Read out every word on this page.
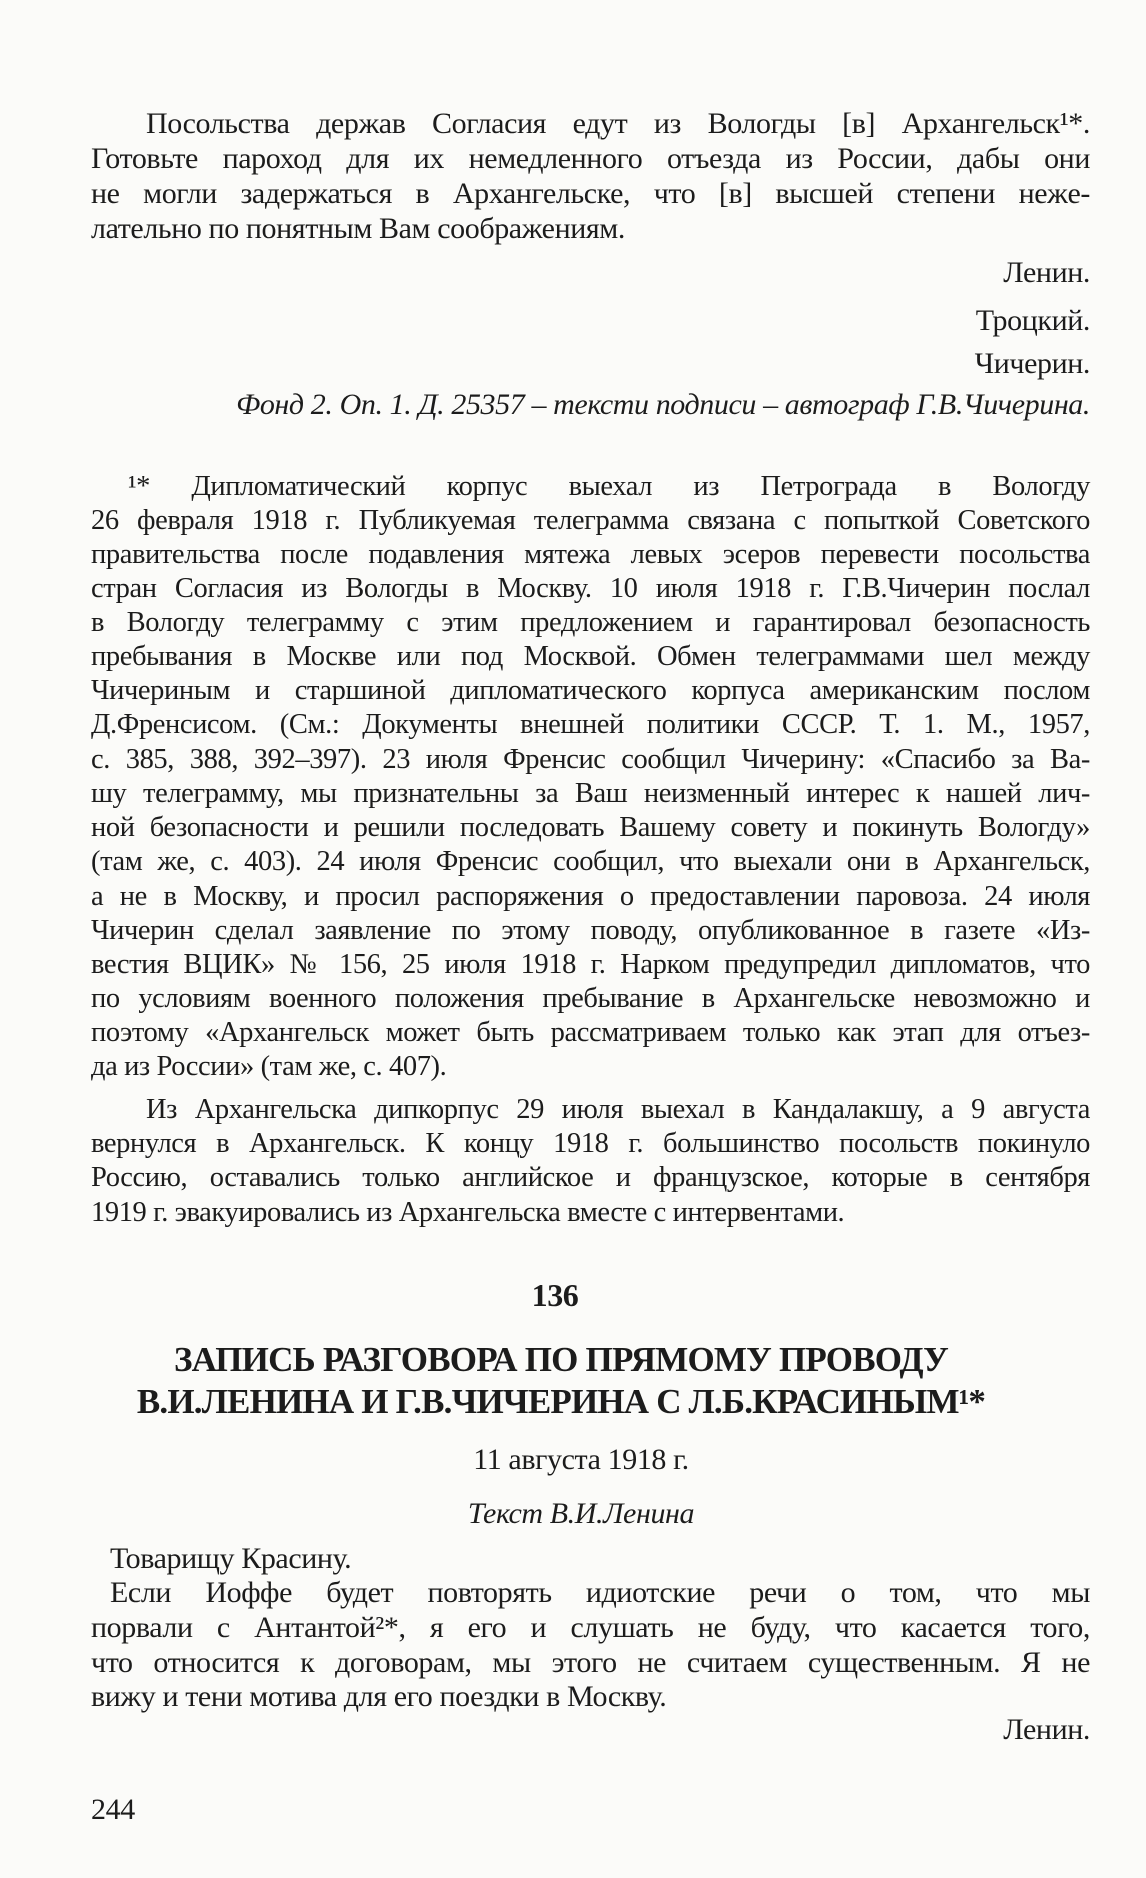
Посольства держав Согласия едут из Вологды [в] Архангельск¹*.
Готовьте пароход для их немедленного отъезда из России, дабы они
не могли задержаться в Архангельске, что [в] высшей степени нежe-
лательно по понятным Вам соображениям.
Ленин.
Троцкий.
Чичерин.
Фонд 2. Оп. 1. Д. 25357 – тексти подписи – автограф Г.В.Чичерина.
¹* Дипломатический корпус выехал из Петрограда в Вологду
26 февраля 1918 г. Публикуемая телеграмма связана с попыткой Советского
правительства после подавления мятежа левых эсеров перевести посольства
стран Согласия из Вологды в Москву. 10 июля 1918 г. Г.В.Чичерин послал
в Вологду телеграмму с этим предложением и гарантировал безопасность
пребывания в Москве или под Москвой. Обмен телеграммами шел между
Чичериным и старшиной дипломатического корпуса американским послом
Д.Френсисом. (См.: Документы внешней политики СССР. Т. 1. М., 1957,
с. 385, 388, 392–397). 23 июля Френсис сообщил Чичерину: «Спасибо за Ва-
шу телеграмму, мы признательны за Ваш неизменный интерес к нашей лич-
ной безопасности и решили последовать Вашему совету и покинуть Вологду»
(там же, с. 403). 24 июля Френсис сообщил, что выехали они в Архангельск,
а не в Москву, и просил распоряжения о предоставлении паровоза. 24 июля
Чичерин сделал заявление по этому поводу, опубликованное в газете «Из-
вестия ВЦИК» № 156, 25 июля 1918 г. Нарком предупредил дипломатов, что
по условиям военного положения пребывание в Архангельске невозможно и
поэтому «Архангельск может быть рассматриваем только как этап для отъез-
да из России» (там же, с. 407).
Из Архангельска дипкорпус 29 июля выехал в Кандалакшу, а 9 августа
вернулся в Архангельск. К концу 1918 г. большинство посольств покинуло
Россию, оставались только английское и французское, которые в сентября
1919 г. эвакуировались из Архангельска вместе с интервентами.
136
ЗАПИСЬ РАЗГОВОРА ПО ПРЯМОМУ ПРОВОДУ
В.И.ЛЕНИНА И Г.В.ЧИЧЕРИНА С Л.Б.КРАСИНЫМ¹*
11 августа 1918 г.
Текст В.И.Ленина
Товарищу Красину.
Если Иоффе будет повторять идиотские речи о том, что мы
порвали с Антантой²*, я его и слушать не буду, что касается того,
что относится к договорам, мы этого не считаем существенным. Я не
вижу и тени мотива для его поездки в Москву.
Ленин.
244
